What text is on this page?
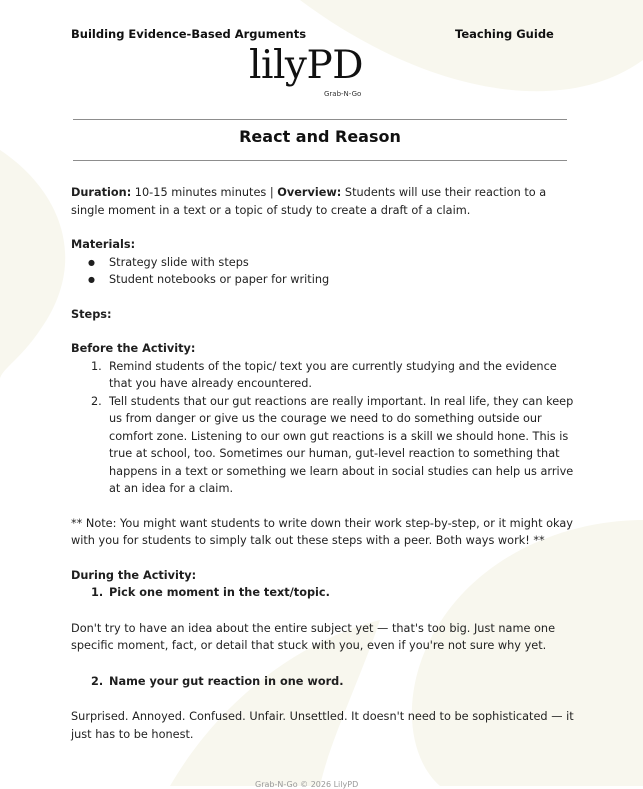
Building Evidence-Based Arguments	Teaching Guide
lilyPD
Grab-N-Go
React and Reason

Duration: 10-15 minutes minutes | Overview: Students will use their reaction to a single moment in a text or a topic of study to create a draft of a claim.

Materials:

● Strategy slide with steps
● Student notebooks or paper for writing

Steps:

Before the Activity:

1. Remind students of the topic/ text you are currently studying and the evidence that you have already encountered.
2. Tell students that our gut reactions are really important. In real life, they can keep us from danger or give us the courage we need to do something outside our comfort zone. Listening to our own gut reactions is a skill we should hone. This is true at school, too. Sometimes our human, gut-level reaction to something that happens in a text or something we learn about in social studies can help us arrive at an idea for a claim.

** Note: You might want students to write down their work step-by-step, or it might okay with you for students to simply talk out these steps with a peer. Both ways work! **

During the Activity:

1. Pick one moment in the text/topic.

Don't try to have an idea about the entire subject yet — that's too big. Just name one specific moment, fact, or detail that stuck with you, even if you're not sure why yet.

2. Name your gut reaction in one word.

Surprised. Annoyed. Confused. Unfair. Unsettled. It doesn't need to be sophisticated — it just has to be honest.

Grab-N-Go © 2026 LilyPD
